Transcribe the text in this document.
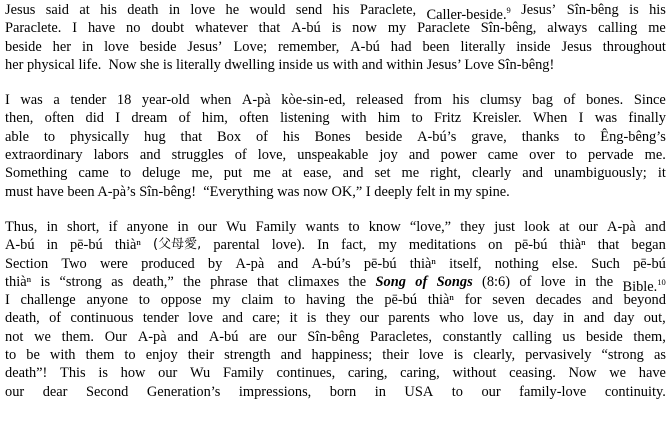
Jesus said at his death in love he would send his Paraclete, Caller-beside.9 Jesus’ Sîn-bêng is his
Paraclete. I have no doubt whatever that A-bú is now my Paraclete Sîn-bêng, always calling me
beside her in love beside Jesus’ Love; remember, A-bú had been literally inside Jesus throughout
her physical life.  Now she is literally dwelling inside us with and within Jesus’ Love Sîn-bêng!
I was a tender 18 year-old when A-pà kòe-sin-ed, released from his clumsy bag of bones. Since
then, often did I dream of him, often listening with him to Fritz Kreisler. When I was finally
able to physically hug that Box of his Bones beside A-bú’s grave, thanks to Êng-bêng’s
extraordinary labors and struggles of love, unspeakable joy and power came over to pervade me.
Something came to deluge me, put me at ease, and set me right, clearly and unambiguously; it
must have been A-pà’s Sîn-bêng!  “Everything was now OK,” I deeply felt in my spine.
Thus, in short, if anyone in our Wu Family wants to know “love,” they just look at our A-pà and
A-bú in pē-bú thiàⁿ (父母愛, parental love). In fact, my meditations on pē-bú thiàⁿ that began
Section Two were produced by A-pà and A-bú’s pē-bú thiàⁿ itself, nothing else. Such pē-bú
thiàⁿ is “strong as death,” the phrase that climaxes the Song of Songs (8:6) of love in the Bible.10
I challenge anyone to oppose my claim to having the pē-bú thiàⁿ for seven decades and beyond
death, of continuous tender love and care; it is they our parents who love us, day in and day out,
not we them. Our A-pà and A-bú are our Sîn-bêng Paracletes, constantly calling us beside them,
to be with them to enjoy their strength and happiness; their love is clearly, pervasively “strong as
death”! This is how our Wu Family continues, caring, caring, without ceasing. Now we have
our dear Second Generation’s impressions, born in USA to our family-love continuity.
